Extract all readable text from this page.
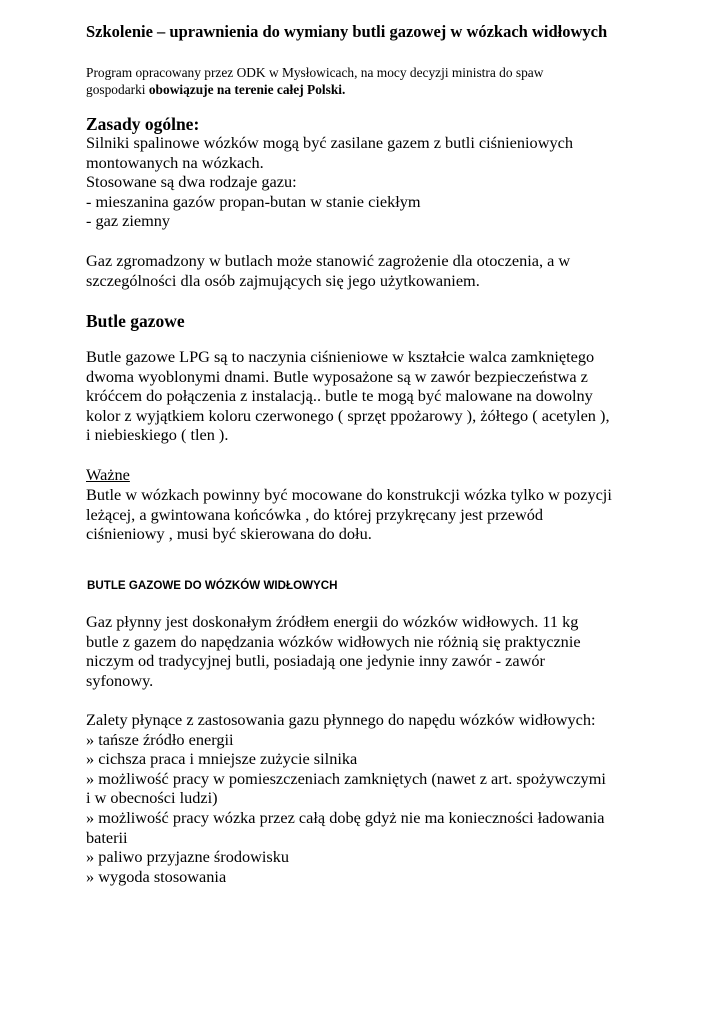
Szkolenie – uprawnienia do wymiany butli gazowej w wózkach widłowych
Program opracowany przez ODK w Mysłowicach, na mocy decyzji ministra do spaw
gospodarki obowiązuje na terenie całej Polski.
Zasady ogólne:
Silniki spalinowe wózków mogą być zasilane gazem z butli ciśnieniowych
montowanych na wózkach.
Stosowane są dwa rodzaje gazu:
- mieszanina gazów propan-butan w stanie ciekłym
- gaz ziemny
Gaz zgromadzony w butlach może stanowić zagrożenie dla otoczenia, a w
szczególności dla osób zajmujących się jego użytkowaniem.
Butle gazowe
Butle gazowe LPG są to naczynia ciśnieniowe w kształcie walca zamkniętego
dwoma wyoblonymi dnami. Butle wyposażone są w zawór bezpieczeństwa z
króćcem do połączenia z instalacją.. butle te mogą być malowane na dowolny
kolor z wyjątkiem koloru czerwonego ( sprzęt ppożarowy ), żółtego ( acetylen ),
i niebieskiego ( tlen ).
Ważne
Butle w wózkach powinny być mocowane do konstrukcji wózka tylko w pozycji
leżącej, a gwintowana końcówka , do której przykręcany jest przewód
ciśnieniowy , musi być skierowana do dołu.
BUTLE GAZOWE DO WÓZKÓW WIDŁOWYCH
Gaz płynny jest doskonałym źródłem energii do wózków widłowych. 11 kg
butle z gazem do napędzania wózków widłowych nie różnią się praktycznie
niczym od tradycyjnej butli, posiadają one jedynie inny zawór - zawór
syfonowy.
Zalety płynące z zastosowania gazu płynnego do napędu wózków widłowych:
» tańsze źródło energii
» cichsza praca i mniejsze zużycie silnika
» możliwość pracy w pomieszczeniach zamkniętych (nawet z art. spożywczymi
i w obecności ludzi)
» możliwość pracy wózka przez całą dobę gdyż nie ma konieczności ładowania
baterii
» paliwo przyjazne środowisku
» wygoda stosowania
